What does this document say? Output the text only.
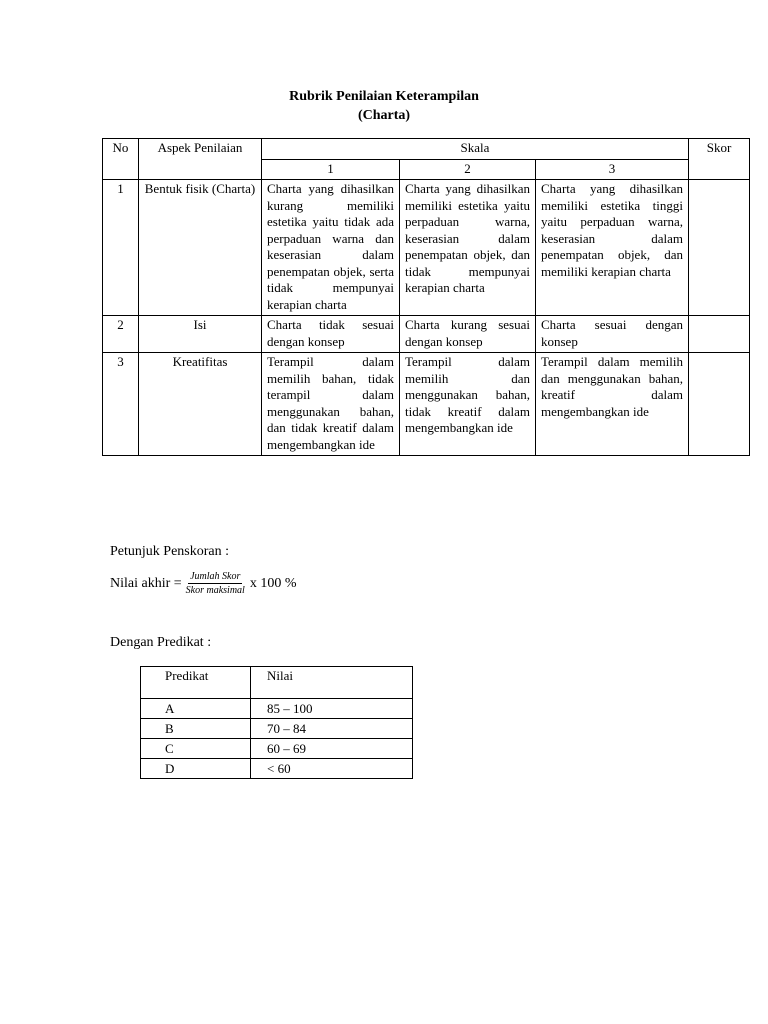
Rubrik Penilaian Keterampilan
(Charta)
No	Aspek Penilaian	Skala			Skor
		1	2	3	
1	Bentuk fisik (Charta)	Charta yang dihasilkan kurang memiliki estetika yaitu tidak ada perpaduan warna dan keserasian dalam penempatan objek, serta tidak mempunyai kerapian charta	Charta yang dihasilkan memiliki estetika yaitu perpaduan warna, keserasian dalam penempatan objek, dan tidak mempunyai kerapian charta	Charta yang dihasilkan memiliki estetika tinggi yaitu perpaduan warna, keserasian dalam penempatan objek, dan memiliki kerapian charta	
2	Isi	Charta tidak sesuai dengan konsep	Charta kurang sesuai dengan konsep	Charta sesuai dengan konsep	
3	Kreatifitas	Terampil dalam memilih bahan, tidak terampil dalam menggunakan bahan, dan tidak kreatif dalam mengembangkan ide	Terampil dalam memilih dan menggunakan bahan, tidak kreatif dalam mengembangkan ide	Terampil dalam memilih dan menggunakan bahan, kreatif dalam mengembangkan ide	
Petunjuk Penskoran :
Nilai akhir = $\frac{\text{Jumlah Skor}}{\text{Skor maksimal}}$ x 100 %
Dengan Predikat :
Predikat	Nilai
A	85 – 100
B	70 – 84
C	60 – 69
D	< 60
